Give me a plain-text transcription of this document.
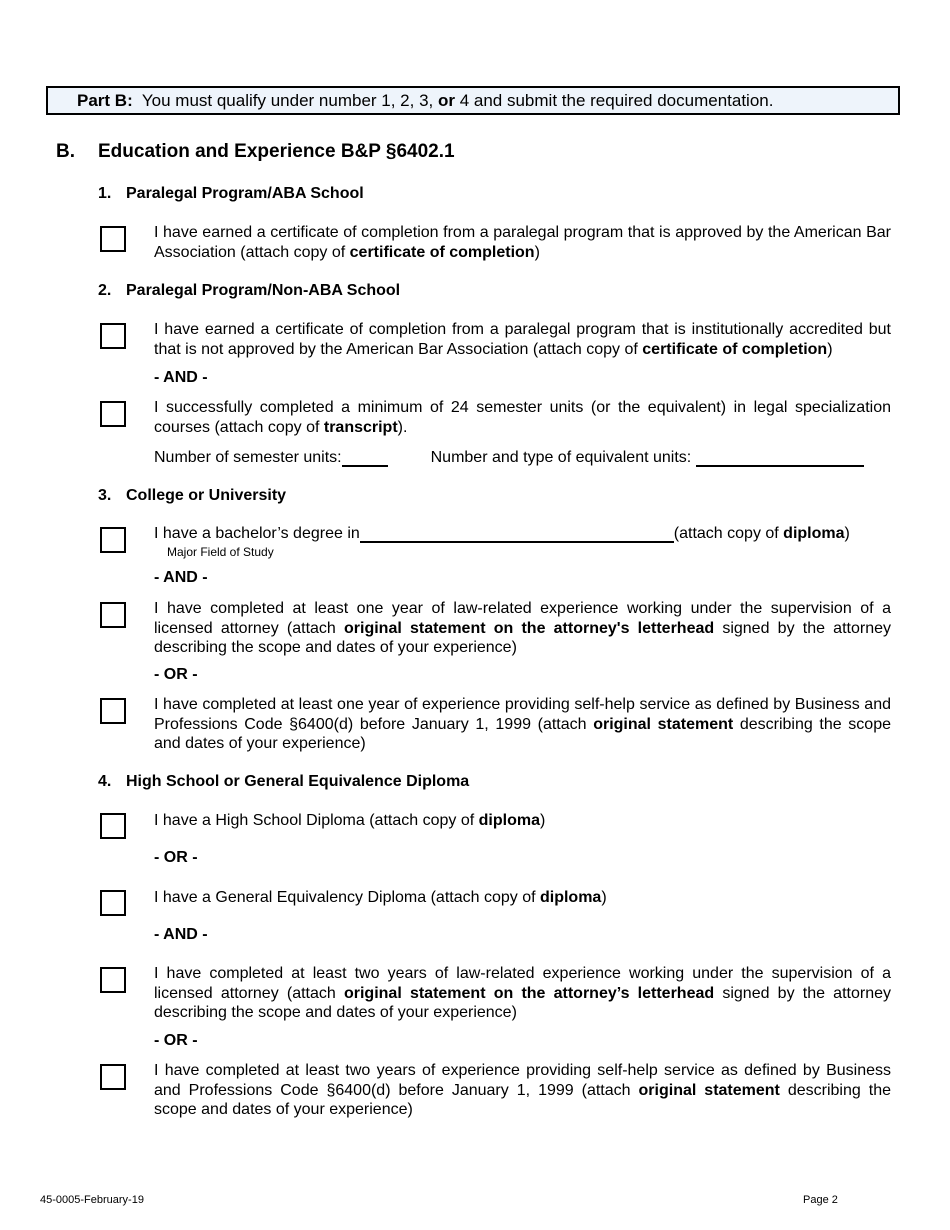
Part B: You must qualify under number 1, 2, 3, or 4 and submit the required documentation.
B. Education and Experience B&P §6402.1
1. Paralegal Program/ABA School
I have earned a certificate of completion from a paralegal program that is approved by the American Bar Association (attach copy of certificate of completion)
2. Paralegal Program/Non-ABA School
I have earned a certificate of completion from a paralegal program that is institutionally accredited but that is not approved by the American Bar Association (attach copy of certificate of completion)
- AND -
I successfully completed a minimum of 24 semester units (or the equivalent) in legal specialization courses (attach copy of transcript).
Number of semester units:	Number and type of equivalent units:
3. College or University
I have a bachelor’s degree in	(attach copy of diploma)
Major Field of Study
- AND -
I have completed at least one year of law-related experience working under the supervision of a licensed attorney (attach original statement on the attorney's letterhead signed by the attorney describing the scope and dates of your experience)
- OR -
I have completed at least one year of experience providing self-help service as defined by Business and Professions Code §6400(d) before January 1, 1999 (attach original statement describing the scope and dates of your experience)
4. High School or General Equivalence Diploma
I have a High School Diploma (attach copy of diploma)
- OR -
I have a General Equivalency Diploma (attach copy of diploma)
- AND -
I have completed at least two years of law-related experience working under the supervision of a licensed attorney (attach original statement on the attorney’s letterhead signed by the attorney describing the scope and dates of your experience)
- OR -
I have completed at least two years of experience providing self-help service as defined by Business and Professions Code §6400(d) before January 1, 1999 (attach original statement describing the scope and dates of your experience)
45-0005-February-19	Page 2
